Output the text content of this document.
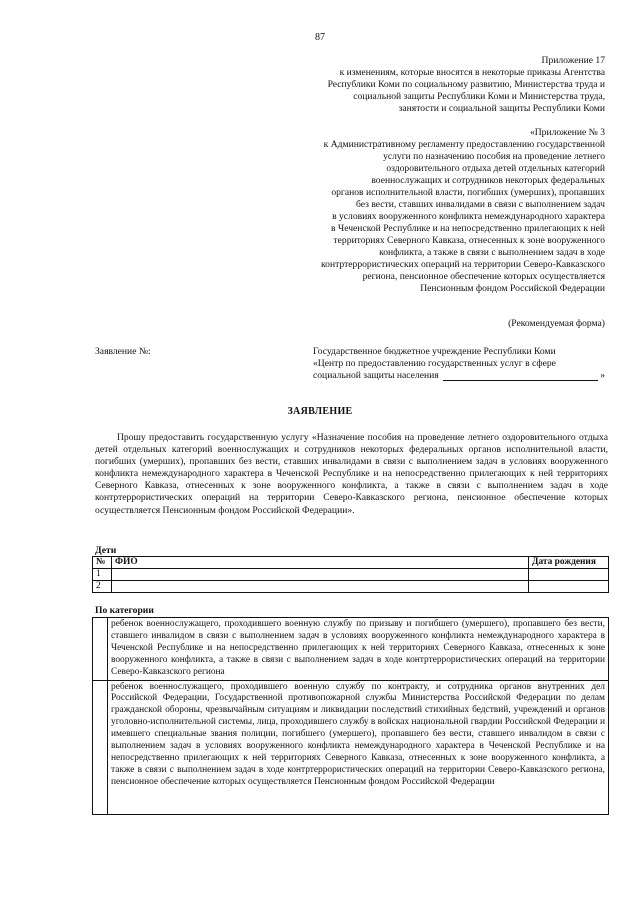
87
Приложение 17
к изменениям, которые вносятся в некоторые приказы Агентства
Республики Коми по социальному развитию, Министерства труда и
социальной защиты Республики Коми и Министерства труда,
занятости и социальной защиты Республики Коми
«Приложение № 3
к Административному регламенту предоставлению государственной
услуги по назначению пособия на проведение летнего
оздоровительного отдыха детей отдельных категорий
военнослужащих и сотрудников некоторых федеральных
органов исполнительной власти, погибших (умерших), пропавших
без вести, ставших инвалидами в связи с выполнением задач
в условиях вооруженного конфликта немеждународного характера
в Чеченской Республике и на непосредственно прилегающих к ней
территориях Северного Кавказа, отнесенных к зоне вооруженного
конфликта, а также в связи с выполнением задач в ходе
контртеррористических операций на территории Северо-Кавказского
региона, пенсионное обеспечение которых осуществляется
Пенсионным фондом Российской Федерации
(Рекомендуемая форма)
Заявление №:	Государственное бюджетное учреждение Республики Коми
«Центр по предоставлению государственных услуг в сфере
социальной защиты населения	»
ЗАЯВЛЕНИЕ
Прошу предоставить государственную услугу «Назначение пособия на проведение летнего оздоровительного отдыха детей отдельных категорий военнослужащих и сотрудников некоторых федеральных органов исполнительной власти, погибших (умерших), пропавших без вести, ставших инвалидами в связи с выполнением задач в условиях вооруженного конфликта немеждународного характера в Чеченской Республике и на непосредственно прилегающих к ней территориях Северного Кавказа, отнесенных к зоне вооруженного конфликта, а также в связи с выполнением задач в ходе контртеррористических операций на территории Северо-Кавказского региона, пенсионное обеспечение которых осуществляется Пенсионным фондом Российской Федерации».
Дети
№	ФИО	Дата рождения
1		
2		
По категории
	ребенок военнослужащего, проходившего военную службу по призыву и погибшего (умершего), пропавшего без вести, ставшего инвалидом в связи с выполнением задач в условиях вооруженного конфликта немеждународного характера в Чеченской Республике и на непосредственно прилегающих к ней территориях Северного Кавказа, отнесенных к зоне вооруженного конфликта, а также в связи с выполнением задач в ходе контртеррористических операций на территории Северо-Кавказского региона
	ребенок военнослужащего, проходившего военную службу по контракту, и сотрудника органов внутренних дел Российской Федерации, Государственной противопожарной службы Министерства Российской Федерации по делам гражданской обороны, чрезвычайным ситуациям и ликвидации последствий стихийных бедствий, учреждений и органов уголовно-исполнительной системы, лица, проходившего службу в войсках национальной гвардии Российской Федерации и имевшего специальные звания полиции, погибшего (умершего), пропавшего без вести, ставшего инвалидом в связи с выполнением задач в условиях вооруженного конфликта немеждународного характера в Чеченской Республике и на непосредственно прилегающих к ней территориях Северного Кавказа, отнесенных к зоне вооруженного конфликта, а также в связи с выполнением задач в ходе контртеррористических операций на территории Северо-Кавказского региона, пенсионное обеспечение которых осуществляется Пенсионным фондом Российской Федерации
